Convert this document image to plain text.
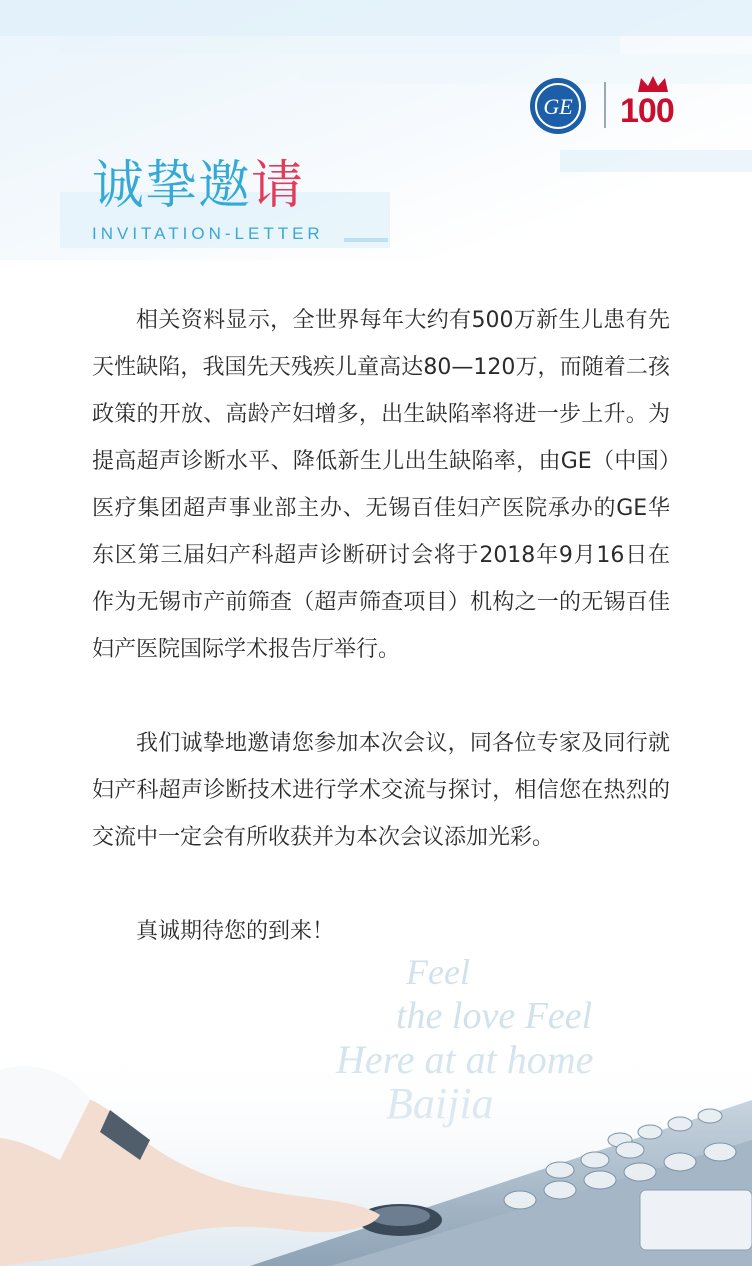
GE 100
诚挚邀请
INVITATION-LETTER

相关资料显示，全世界每年大约有500万新生儿患有先天性缺陷，我国先天残疾儿童高达80—120万，而随着二孩政策的开放、高龄产妇增多，出生缺陷率将进一步上升。为提高超声诊断水平、降低新生儿出生缺陷率，由GE（中国）医疗集团超声事业部主办、无锡百佳妇产医院承办的GE华东区第三届妇产科超声诊断研讨会将于2018年9月16日在作为无锡市产前筛查（超声筛查项目）机构之一的无锡百佳妇产医院国际学术报告厅举行。

我们诚挚地邀请您参加本次会议，同各位专家及同行就妇产科超声诊断技术进行学术交流与探讨，相信您在热烈的交流中一定会有所收获并为本次会议添加光彩。

真诚期待您的到来！

Feel
the love Feel
